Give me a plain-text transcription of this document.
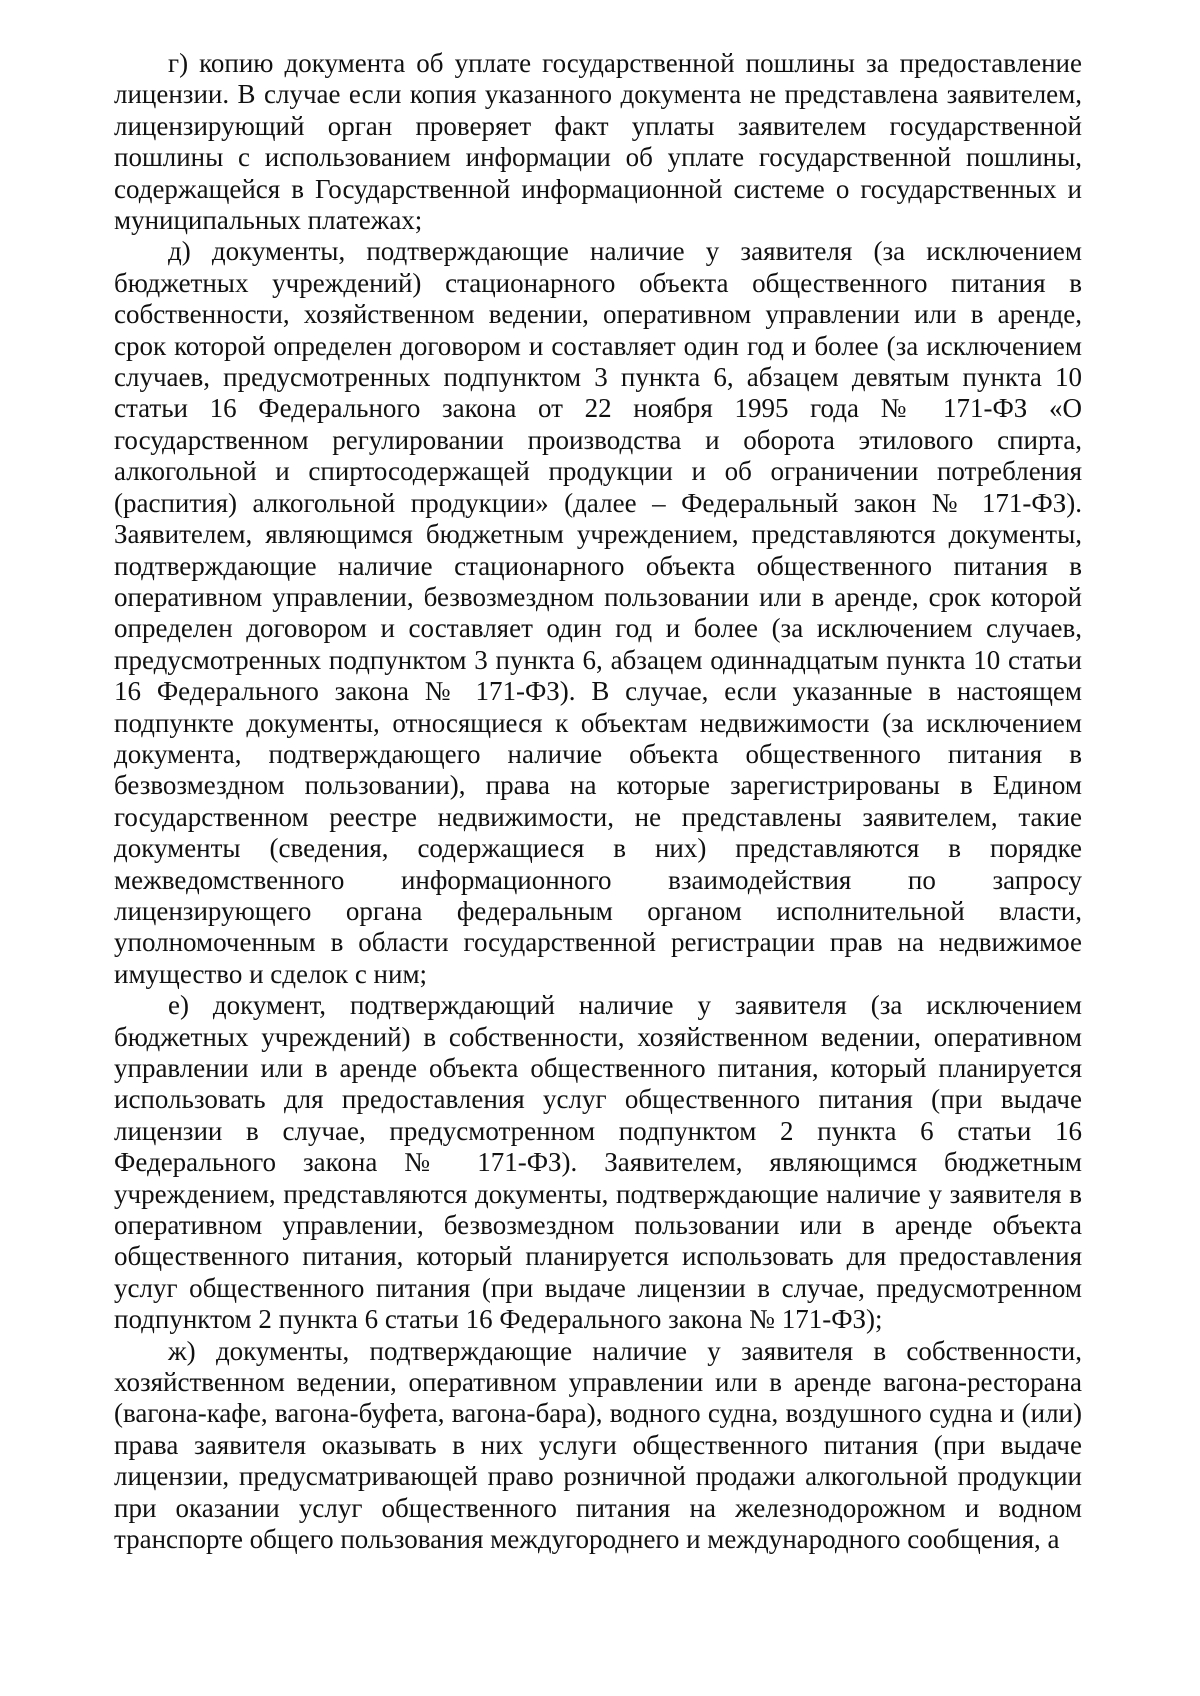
г) копию документа об уплате государственной пошлины за предоставление лицензии. В случае если копия указанного документа не представлена заявителем, лицензирующий орган проверяет факт уплаты заявителем государственной пошлины с использованием информации об уплате государственной пошлины, содержащейся в Государственной информационной системе о государственных и муниципальных платежах;

д) документы, подтверждающие наличие у заявителя (за исключением бюджетных учреждений) стационарного объекта общественного питания в собственности, хозяйственном ведении, оперативном управлении или в аренде, срок которой определен договором и составляет один год и более (за исключением случаев, предусмотренных подпунктом 3 пункта 6, абзацем девятым пункта 10 статьи 16 Федерального закона от 22 ноября 1995 года № 171-ФЗ «О государственном регулировании производства и оборота этилового спирта, алкогольной и спиртосодержащей продукции и об ограничении потребления (распития) алкогольной продукции» (далее – Федеральный закон № 171-ФЗ). Заявителем, являющимся бюджетным учреждением, представляются документы, подтверждающие наличие стационарного объекта общественного питания в оперативном управлении, безвозмездном пользовании или в аренде, срок которой определен договором и составляет один год и более (за исключением случаев, предусмотренных подпунктом 3 пункта 6, абзацем одиннадцатым пункта 10 статьи 16 Федерального закона № 171-ФЗ). В случае, если указанные в настоящем подпункте документы, относящиеся к объектам недвижимости (за исключением документа, подтверждающего наличие объекта общественного питания в безвозмездном пользовании), права на которые зарегистрированы в Едином государственном реестре недвижимости, не представлены заявителем, такие документы (сведения, содержащиеся в них) представляются в порядке межведомственного информационного взаимодействия по запросу лицензирующего органа федеральным органом исполнительной власти, уполномоченным в области государственной регистрации прав на недвижимое имущество и сделок с ним;

е) документ, подтверждающий наличие у заявителя (за исключением бюджетных учреждений) в собственности, хозяйственном ведении, оперативном управлении или в аренде объекта общественного питания, который планируется использовать для предоставления услуг общественного питания (при выдаче лицензии в случае, предусмотренном подпунктом 2 пункта 6 статьи 16 Федерального закона № 171-ФЗ). Заявителем, являющимся бюджетным учреждением, представляются документы, подтверждающие наличие у заявителя в оперативном управлении, безвозмездном пользовании или в аренде объекта общественного питания, который планируется использовать для предоставления услуг общественного питания (при выдаче лицензии в случае, предусмотренном подпунктом 2 пункта 6 статьи 16 Федерального закона № 171-ФЗ);

ж) документы, подтверждающие наличие у заявителя в собственности, хозяйственном ведении, оперативном управлении или в аренде вагона-ресторана (вагона-кафе, вагона-буфета, вагона-бара), водного судна, воздушного судна и (или) права заявителя оказывать в них услуги общественного питания (при выдаче лицензии, предусматривающей право розничной продажи алкогольной продукции при оказании услуг общественного питания на железнодорожном и водном транспорте общего пользования междугороднего и международного сообщения, а
